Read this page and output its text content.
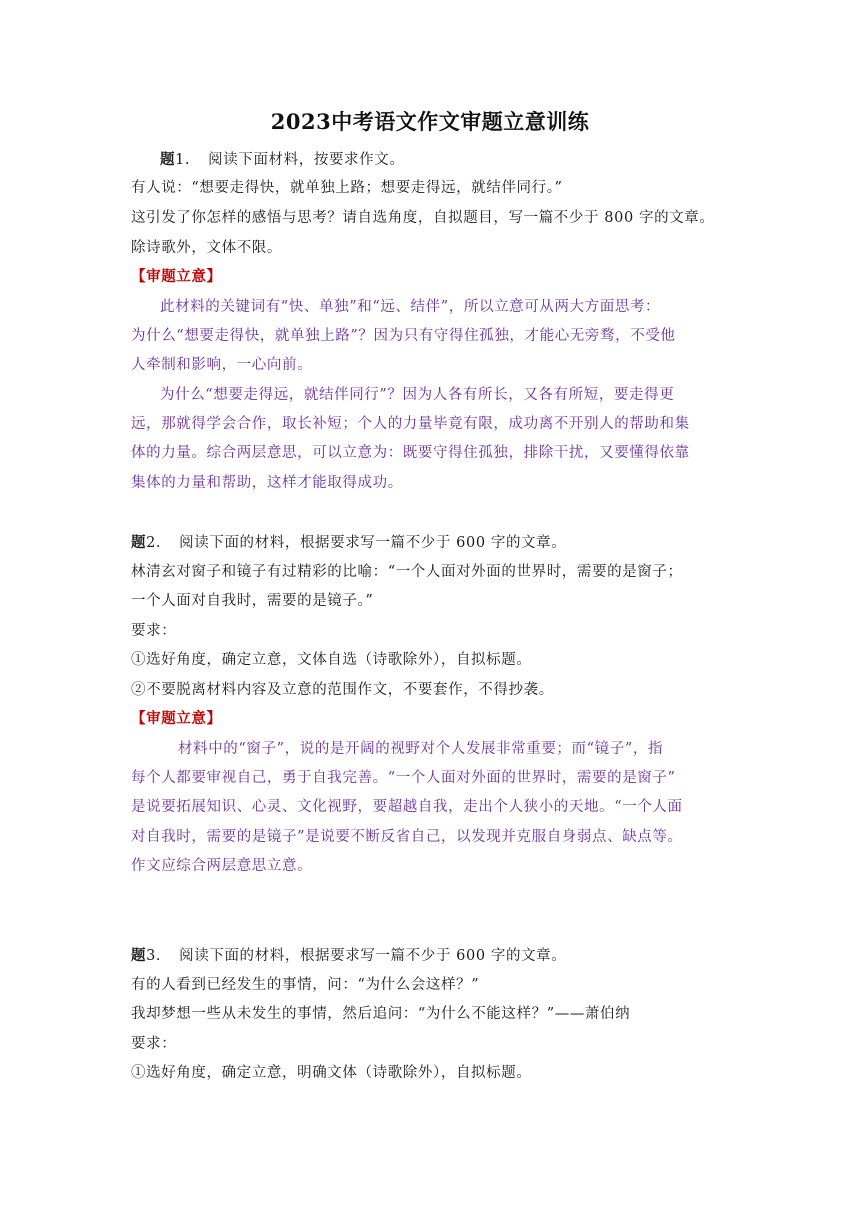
2023中考语文作文审题立意训练
题1. 阅读下面材料，按要求作文。
有人说：“想要走得快，就单独上路；想要走得远，就结伴同行。”
这引发了你怎样的感悟与思考？请自选角度，自拟题目，写一篇不少于 800 字的文章。
除诗歌外，文体不限。
【审题立意】
此材料的关键词有“快、单独”和“远、结伴”，所以立意可从两大方面思考：
为什么“想要走得快，就单独上路”？因为只有守得住孤独，才能心无旁骛，不受他
人牵制和影响，一心向前。
为什么“想要走得远，就结伴同行”？因为人各有所长，又各有所短，要走得更
远，那就得学会合作，取长补短；个人的力量毕竟有限，成功离不开别人的帮助和集
体的力量。综合两层意思，可以立意为：既要守得住孤独，排除干扰，又要懂得依靠
集体的力量和帮助，这样才能取得成功。
题2. 阅读下面的材料，根据要求写一篇不少于 600 字的文章。
林清玄对窗子和镜子有过精彩的比喻：“一个人面对外面的世界时，需要的是窗子；
一个人面对自我时，需要的是镜子。”
要求：
①选好角度，确定立意，文体自选（诗歌除外），自拟标题。
②不要脱离材料内容及立意的范围作文，不要套作，不得抄袭。
【审题立意】
材料中的“窗子”，说的是开阔的视野对个人发展非常重要；而“镜子”，指
每个人都要审视自己，勇于自我完善。“一个人面对外面的世界时，需要的是窗子”
是说要拓展知识、心灵、文化视野，要超越自我，走出个人狭小的天地。“一个人面
对自我时，需要的是镜子”是说要不断反省自己，以发现并克服自身弱点、缺点等。
作文应综合两层意思立意。
题3. 阅读下面的材料，根据要求写一篇不少于 600 字的文章。
有的人看到已经发生的事情，问：“为什么会这样？”
我却梦想一些从未发生的事情，然后追问：“为什么不能这样？”——萧伯纳
要求：
①选好角度，确定立意，明确文体（诗歌除外），自拟标题。
